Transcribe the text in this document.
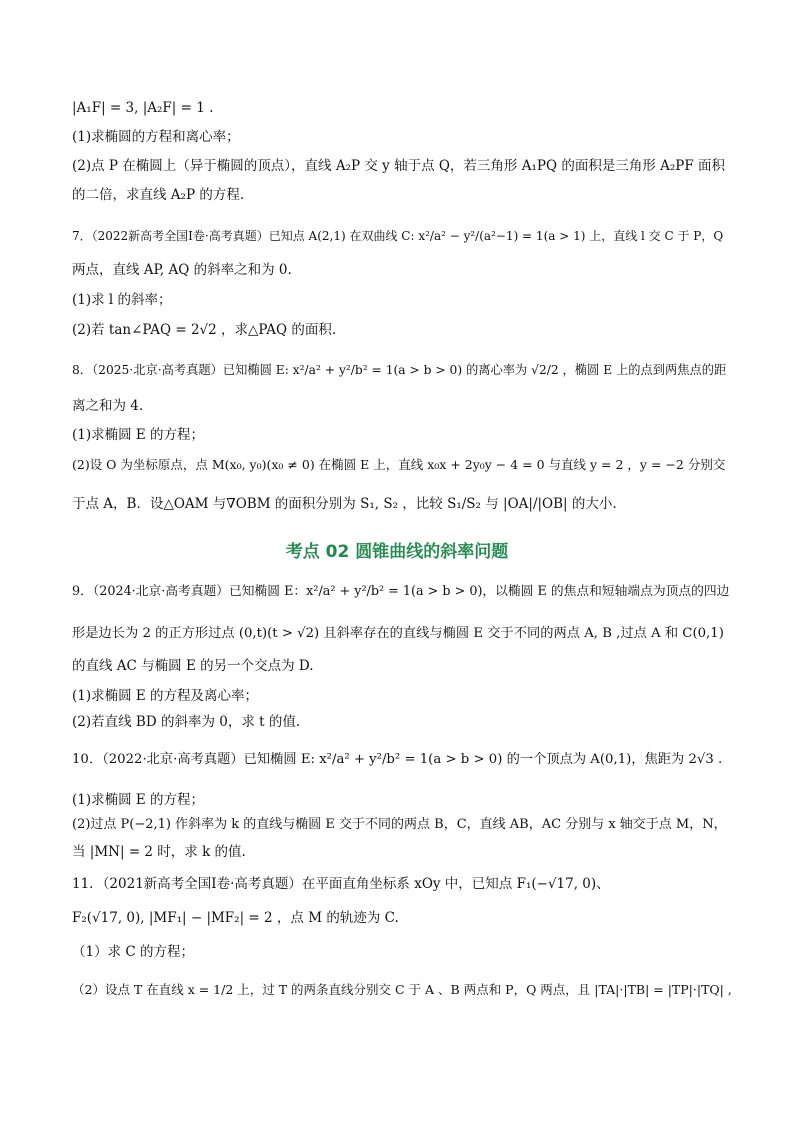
|A₁F| = 3, |A₂F| = 1 .
(1)求椭圆的方程和离心率；
(2)点 P 在椭圆上（异于椭圆的顶点），直线 A₂P 交 y 轴于点 Q，若三角形 A₁PQ 的面积是三角形 A₂PF 面积
的二倍，求直线 A₂P 的方程.
7．（2022新高考全国Ⅰ卷·高考真题）已知点 A(2,1) 在双曲线 C: x²/a² − y²/(a²−1) = 1(a > 1) 上，直线 l 交 C 于 P，Q
两点，直线 AP, AQ 的斜率之和为 0.
(1)求 l 的斜率；
(2)若 tan∠PAQ = 2√2 ，求△PAQ 的面积.
8．（2025·北京·高考真题）已知椭圆 E: x²/a² + y²/b² = 1(a > b > 0) 的离心率为 √2/2 ，椭圆 E 上的点到两焦点的距
离之和为 4.
(1)求椭圆 E 的方程；
(2)设 O 为坐标原点，点 M(x₀, y₀)(x₀ ≠ 0) 在椭圆 E 上，直线 x₀x + 2y₀y − 4 = 0 与直线 y = 2 ，y = −2 分别交
于点 A，B．设△OAM 与∇OBM 的面积分别为 S₁, S₂ ，比较 S₁/S₂ 与 |OA|/|OB| 的大小.
考点 02 圆锥曲线的斜率问题
9．（2024·北京·高考真题）已知椭圆 E：x²/a² + y²/b² = 1(a > b > 0)，以椭圆 E 的焦点和短轴端点为顶点的四边
形是边长为 2 的正方形过点 (0,t)(t > √2) 且斜率存在的直线与椭圆 E 交于不同的两点 A, B ,过点 A 和 C(0,1)
的直线 AC 与椭圆 E 的另一个交点为 D.
(1)求椭圆 E 的方程及离心率；
(2)若直线 BD 的斜率为 0，求 t 的值.
10．（2022·北京·高考真题）已知椭圆 E: x²/a² + y²/b² = 1(a > b > 0) 的一个顶点为 A(0,1)，焦距为 2√3 .
(1)求椭圆 E 的方程；
(2)过点 P(−2,1) 作斜率为 k 的直线与椭圆 E 交于不同的两点 B，C，直线 AB，AC 分别与 x 轴交于点 M，N，
当 |MN| = 2 时，求 k 的值.
11．（2021新高考全国Ⅰ卷·高考真题）在平面直角坐标系 xOy 中，已知点 F₁(−√17, 0)、
F₂(√17, 0), |MF₁| − |MF₂| = 2 ，点 M 的轨迹为 C.
（1）求 C 的方程；
（2）设点 T 在直线 x = 1/2 上，过 T 的两条直线分别交 C 于 A 、B 两点和 P，Q 两点，且 |TA|·|TB| = |TP|·|TQ| ,
